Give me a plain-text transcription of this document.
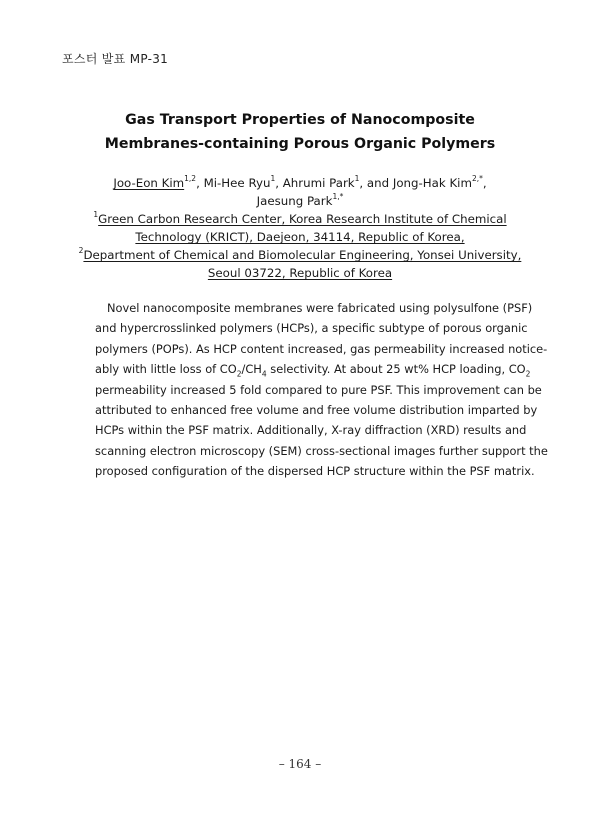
포스터 발표 MP-31
Gas Transport Properties of Nanocomposite
Membranes-containing Porous Organic Polymers
Joo-Eon Kim$^{1,2}$, Mi-Hee Ryu$^1$, Ahrumi Park$^1$, and Jong-Hak Kim$^{2,*}$,
Jaesung Park$^{1,*}$
$^1$Green Carbon Research Center, Korea Research Institute of Chemical
Technology (KRICT), Daejeon, 34114, Republic of Korea,
$^2$Department of Chemical and Biomolecular Engineering, Yonsei University,
Seoul 03722, Republic of Korea
Novel nanocomposite membranes were fabricated using polysulfone (PSF)
and hypercrosslinked polymers (HCPs), a specific subtype of porous organic
polymers (POPs). As HCP content increased, gas permeability increased notice-
ably with little loss of $CO_2/CH_4$ selectivity. At about 25 wt% HCP loading, $CO_2$
permeability increased 5 fold compared to pure PSF. This improvement can be
attributed to enhanced free volume and free volume distribution imparted by
HCPs within the PSF matrix. Additionally, X-ray diffraction (XRD) results and
scanning electron microscopy (SEM) cross-sectional images further support the
proposed configuration of the dispersed HCP structure within the PSF matrix.
– 164 –
